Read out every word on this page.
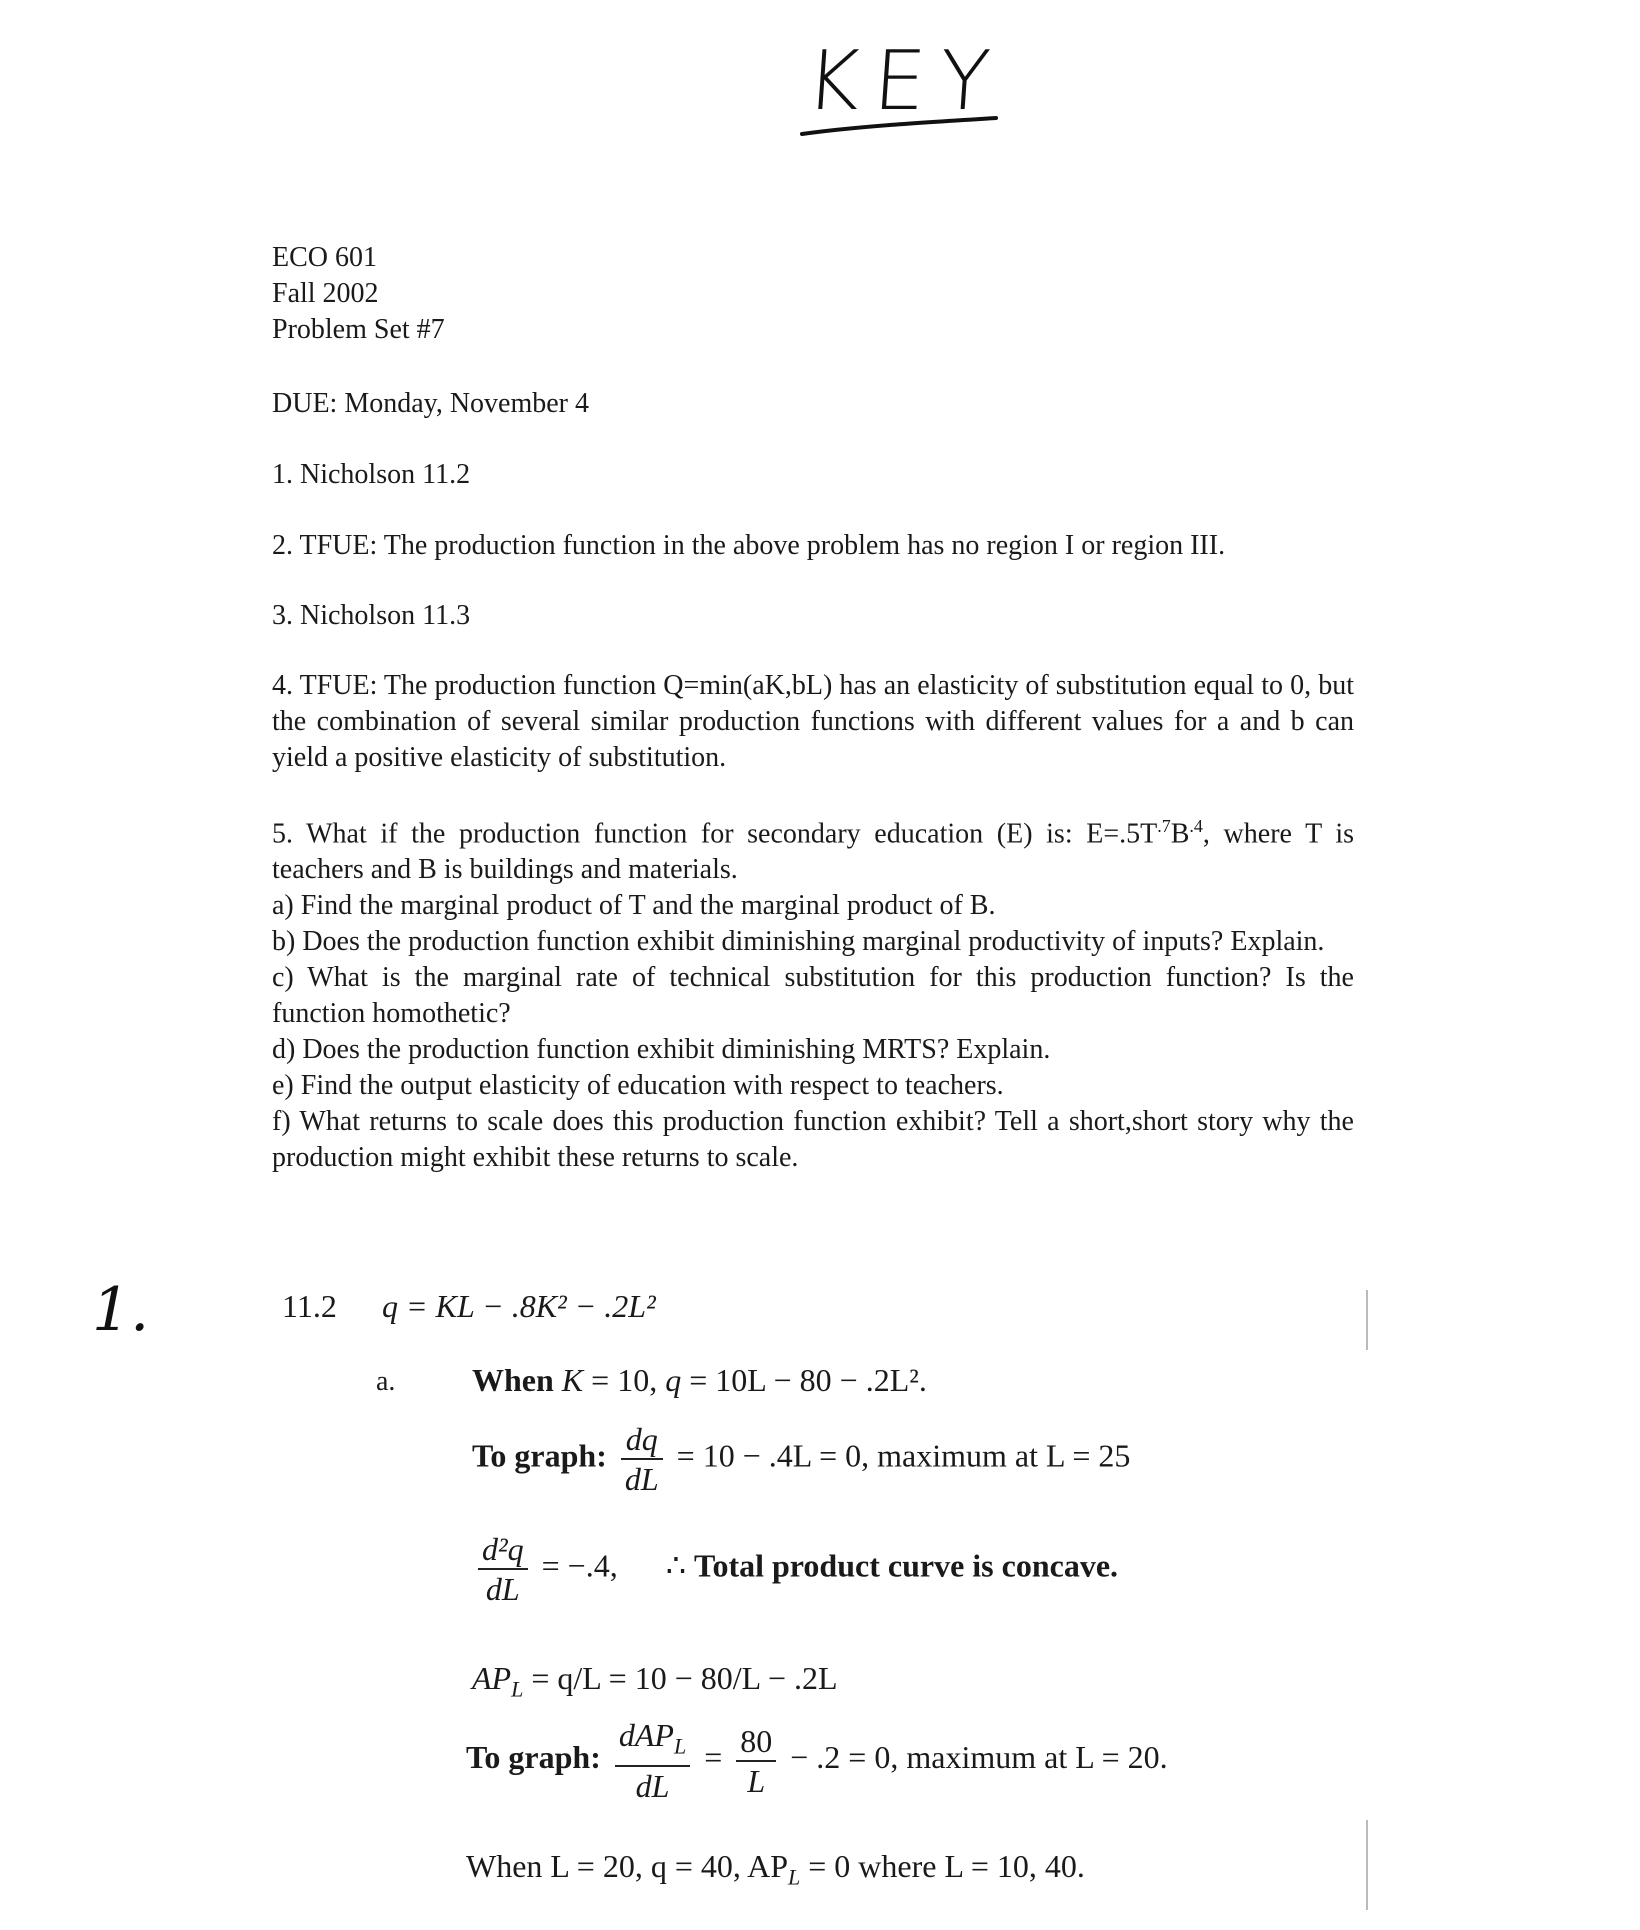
KEY
1.
ECO 601
Fall 2002
Problem Set #7
DUE: Monday, November 4
1. Nicholson 11.2
2. TFUE: The production function in the above problem has no region I or region III.
3. Nicholson 11.3
4. TFUE: The production function Q=min(aK,bL) has an elasticity of substitution equal to 0, but the combination of several similar production functions with different values for a and b can yield a positive elasticity of substitution.
5. What if the production function for secondary education (E) is: $E=.5T^{.7}B^{.4}$, where T is teachers and B is buildings and materials.
a) Find the marginal product of T and the marginal product of B.
b) Does the production function exhibit diminishing marginal productivity of inputs? Explain.
c) What is the marginal rate of technical substitution for this production function? Is the function homothetic?
d) Does the production function exhibit diminishing MRTS? Explain.
e) Find the output elasticity of education with respect to teachers.
f) What returns to scale does this production function exhibit? Tell a short,short story why the production might exhibit these returns to scale.
11.2 q = KL − .8K² − .2L²
a. When K = 10, q = 10L − 80 − .2L².
To graph: $\frac{dq}{dL} = 10 - .4L = 0$, maximum at L = 25
$\frac{\text{d²q}}{dL} = -.4$, ∴ Total product curve is concave.
$AP_L = q/L = 10 - 80/L - .2L$
To graph: $\frac{dAP_L}{dL} = \frac{80}{L} - .2 = 0$, maximum at L = 20.
When L = 20, q = 40, $AP_L = 0$ where L = 10, 40.
